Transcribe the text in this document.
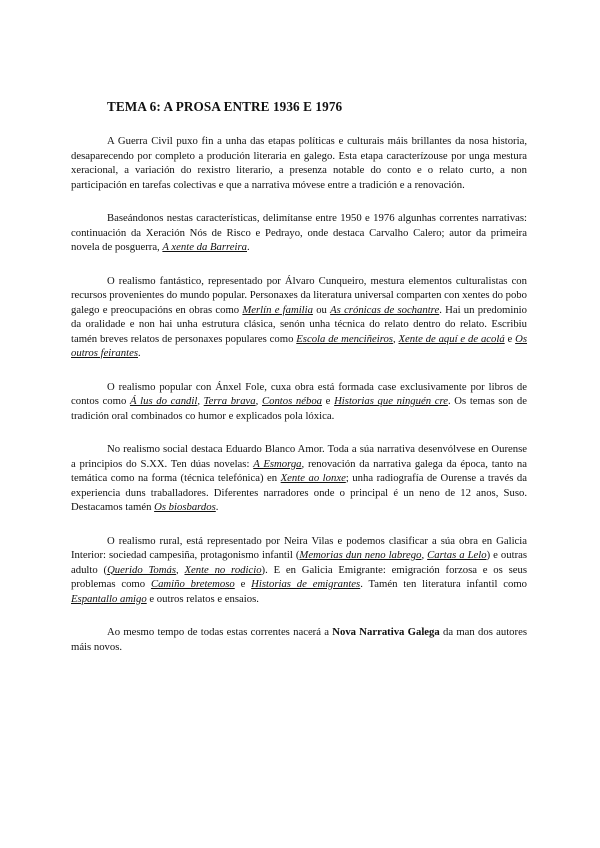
TEMA 6: A PROSA ENTRE 1936 E 1976

A Guerra Civil puxo fin a unha das etapas políticas e culturais máis brillantes da nosa historia, desaparecendo por completo a produción literaria en galego. Esta etapa caracterízouse por unga mestura xeracional, a variación do rexistro literario, a presenza notable do conto e o relato curto, a non participación en tarefas colectivas e que a narrativa móvese entre a tradición e a renovación.

Baseándonos nestas características, delimítanse entre 1950 e 1976 algunhas correntes narrativas: continuación da Xeración Nós de Risco e Pedrayo, onde destaca Carvalho Calero; autor da primeira novela de posguerra, A xente da Barreira.

O realismo fantástico, representado por Álvaro Cunqueiro, mestura elementos culturalistas con recursos provenientes do mundo popular. Personaxes da literatura universal comparten con xentes do pobo galego e preocupacións en obras como Merlín e familia ou As crónicas de sochantre. Hai un predominio da oralidade e non hai unha estrutura clásica, senón unha técnica do relato dentro do relato. Escribiu tamén breves relatos de personaxes populares como Escola de menciñeiros, Xente de aquí e de acolá e Os outros feirantes.

O realismo popular con Ánxel Fole, cuxa obra está formada case exclusivamente por libros de contos como Á lus do candil, Terra brava, Contos néboa e Historias que ninguén cre. Os temas son de tradición oral combinados co humor e explicados pola lóxica.

No realismo social destaca Eduardo Blanco Amor. Toda a súa narrativa desenvólvese en Ourense a principios do S.XX. Ten dúas novelas: A Esmorga, renovación da narrativa galega da época, tanto na temática como na forma (técnica telefónica) en Xente ao lonxe; unha radiografía de Ourense a través da experiencia duns traballadores. Diferentes narradores onde o principal é un neno de 12 anos, Suso. Destacamos tamén Os biosbardos.

O realismo rural, está representado por Neira Vilas e podemos clasificar a súa obra en Galicia Interior: sociedad campesiña, protagonismo infantil (Memorias dun neno labrego, Cartas a Lelo) e outras adulto (Querido Tomás, Xente no rodicio). E en Galicia Emigrante: emigración forzosa e os seus problemas como Camiño bretemoso e Historias de emigrantes. Tamén ten literatura infantil como Espantallo amigo e outros relatos e ensaios.

Ao mesmo tempo de todas estas correntes nacerá a Nova Narrativa Galega da man dos autores máis novos.
